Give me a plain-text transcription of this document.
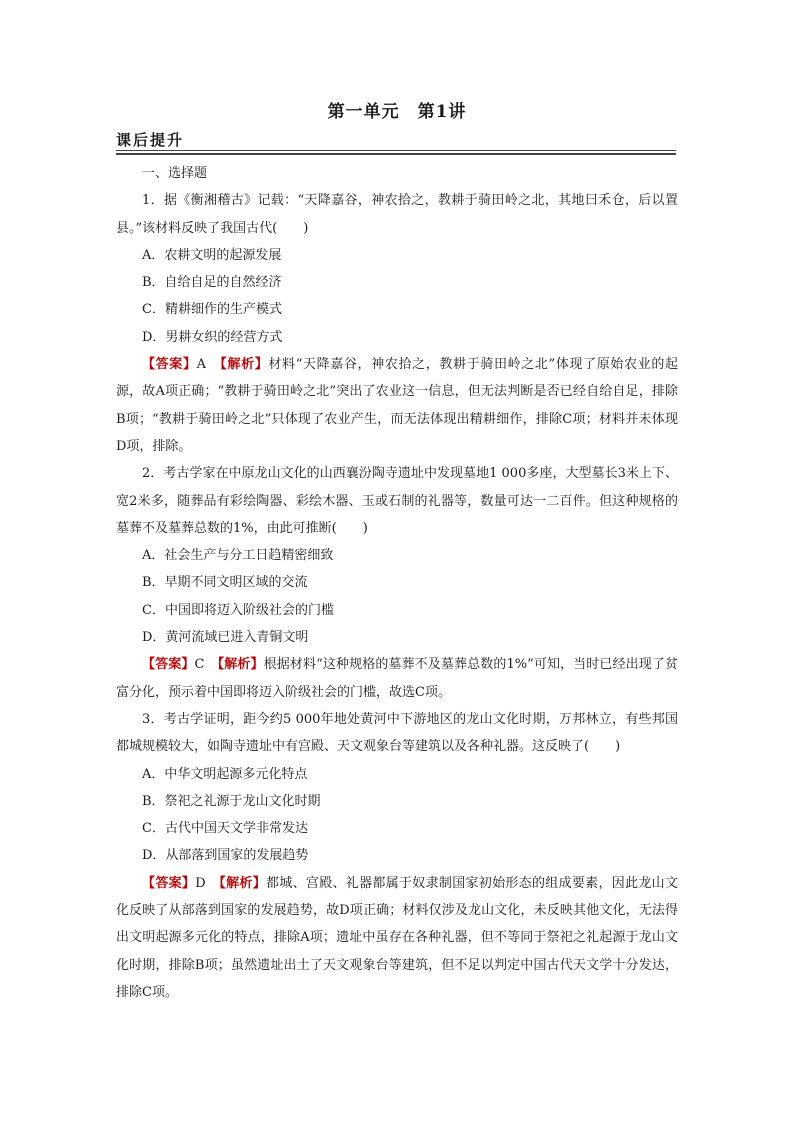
第一单元 第1讲
课后提升

一、选择题

1．据《衡湘稽古》记载：“天降嘉谷，神农拾之，教耕于骑田岭之北，其地曰禾仓，后以置县。”该材料反映了我国古代(　　)

A．农耕文明的起源发展

B．自给自足的自然经济

C．精耕细作的生产模式

D．男耕女织的经营方式

【答案】A　 【解析】材料“天降嘉谷，神农拾之，教耕于骑田岭之北”体现了原始农业的起源，故A项正确；“教耕于骑田岭之北”突出了农业这一信息，但无法判断是否已经自给自足，排除B项；“教耕于骑田岭之北”只体现了农业产生，而无法体现出精耕细作，排除C项；材料并未体现D项，排除。

2．考古学家在中原龙山文化的山西襄汾陶寺遗址中发现墓地1 000多座，大型墓长3米上下、宽2米多，随葬品有彩绘陶器、彩绘木器、玉或石制的礼器等，数量可达一二百件。但这种规格的墓葬不及墓葬总数的1%，由此可推断(　　)

A．社会生产与分工日趋精密细致

B．早期不同文明区域的交流

C．中国即将迈入阶级社会的门槛

D．黄河流域已进入青铜文明

【答案】C　 【解析】根据材料“这种规格的墓葬不及墓葬总数的1%”可知，当时已经出现了贫富分化，预示着中国即将迈入阶级社会的门槛，故选C项。

3．考古学证明，距今约5 000年地处黄河中下游地区的龙山文化时期，万邦林立，有些邦国都城规模较大，如陶寺遗址中有宫殿、天文观象台等建筑以及各种礼器。这反映了(　　)

A．中华文明起源多元化特点

B．祭祀之礼源于龙山文化时期

C．古代中国天文学非常发达

D．从部落到国家的发展趋势

【答案】D　 【解析】都城、宫殿、礼器都属于奴隶制国家初始形态的组成要素，因此龙山文化反映了从部落到国家的发展趋势，故D项正确；材料仅涉及龙山文化，未反映其他文化，无法得出文明起源多元化的特点，排除A项；遗址中虽存在各种礼器，但不等同于祭祀之礼起源于龙山文化时期，排除B项；虽然遗址出土了天文观象台等建筑，但不足以判定中国古代天文学十分发达，排除C项。
